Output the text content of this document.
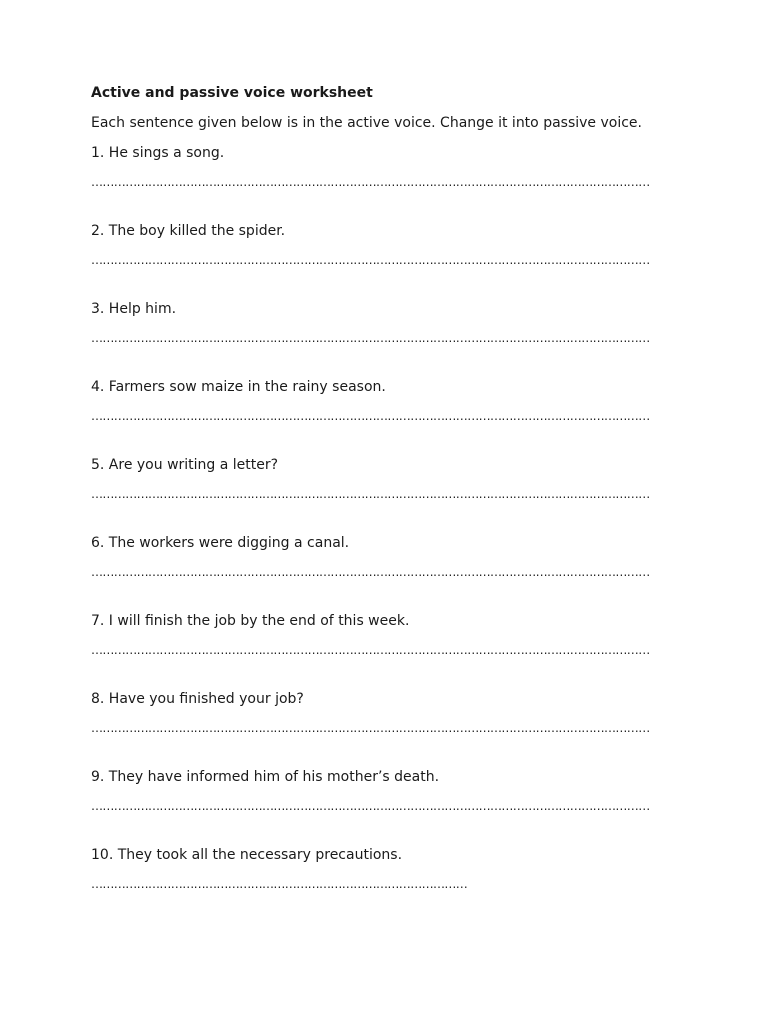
Active and passive voice worksheet
Each sentence given below is in the active voice. Change it into passive voice.
1. He sings a song.
…………………………………………………………………………………………………………………………………
2. The boy killed the spider.
…………………………………………………………………………………………………………………………………
3. Help him.
…………………………………………………………………………………………………………………………………
4. Farmers sow maize in the rainy season.
…………………………………………………………………………………………………………………………………
5. Are you writing a letter?
…………………………………………………………………………………………………………………………………
6. The workers were digging a canal.
…………………………………………………………………………………………………………………………………
7. I will finish the job by the end of this week.
…………………………………………………………………………………………………………………………………
8. Have you finished your job?
…………………………………………………………………………………………………………………………………
9. They have informed him of his mother’s death.
…………………………………………………………………………………………………………………………………
10. They took all the necessary precautions.
………………………………………………………………………………………
